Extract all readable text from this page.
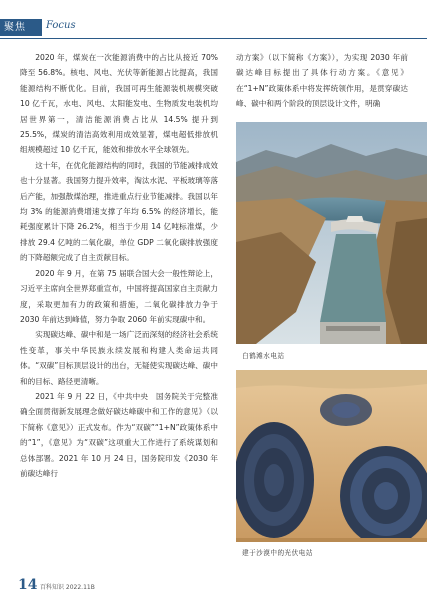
聚焦	Focus

2020 年，煤炭在一次能源消费中的占比从接近 70% 降至 56.8%。核电、风电、光伏等新能源占比提高，我国能源结构不断优化。目前，我国可再生能源装机规模突破 10 亿千瓦，水电、风电、太阳能发电、生物质发电装机均居世界第一，清洁能源消费占比从 14.5% 提升到 25.5%，煤炭的清洁高效利用成效显著，煤电超低排放机组规模超过 10 亿千瓦，能效和排放水平全球领先。

这十年，在优化能源结构的同时，我国的节能减排成效也十分显著。我国努力提升效率，淘汰水泥、平板玻璃等落后产能，加强散煤治理，推进重点行业节能减排。我国以年均 3% 的能源消费增速支撑了年均 6.5% 的经济增长，能耗强度累计下降 26.2%，相当于少用 14 亿吨标准煤，少排放 29.4 亿吨的二氧化碳，单位 GDP 二氧化碳排放强度的下降超额完成了自主贡献目标。

2020 年 9 月，在第 75 届联合国大会一般性辩论上，习近平主席向全世界郑重宣布，中国将提高国家自主贡献力度，采取更加有力的政策和措施，二氧化碳排放力争于 2030 年前达到峰值，努力争取 2060 年前实现碳中和。

实现碳达峰、碳中和是一场广泛而深刻的经济社会系统性变革，事关中华民族永续发展和构建人类命运共同体。“双碳”目标顶层设计的出台，无疑使实现碳达峰、碳中和的目标、路径更清晰。

2021 年 9 月 22 日，《中共中央　国务院关于完整准确全面贯彻新发展理念做好碳达峰碳中和工作的意见》（以下简称《意见》）正式发布。作为“双碳”“1+N”政策体系中的“1”，《意见》为“双碳”这项重大工作进行了系统谋划和总体部署。2021 年 10 月 24 日，国务院印发《2030 年前碳达峰行

动方案》（以下简称《方案》），为实现 2030 年前碳达峰目标提出了具体行动方案。《意见》在“1+N”政策体系中将发挥统领作用，是贯穿碳达峰、碳中和两个阶段的顶层设计文件，明确

白鹤滩水电站
建于沙漠中的光伏电站
14 百科知识 2022.11B
